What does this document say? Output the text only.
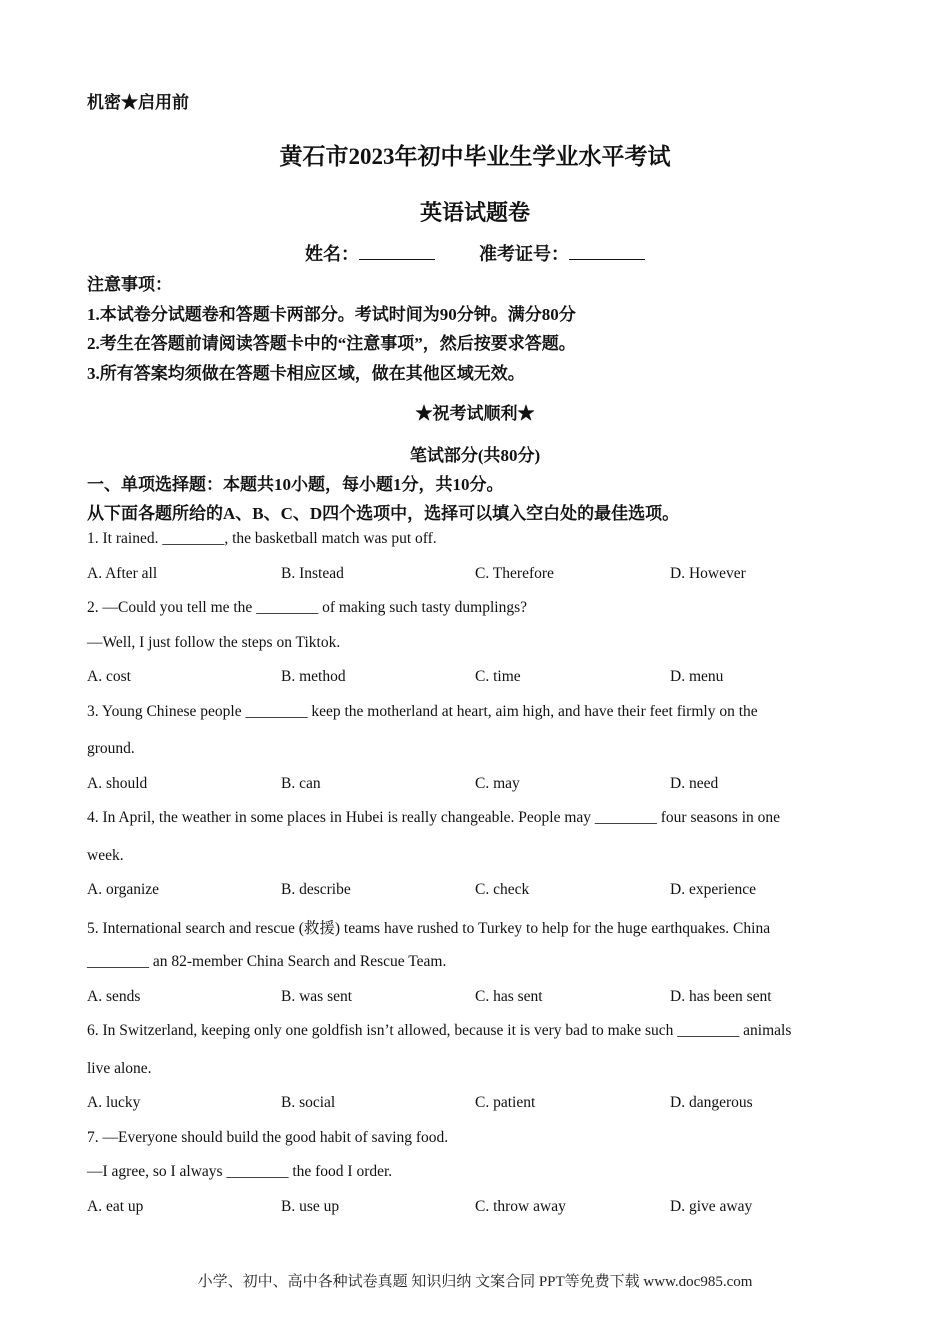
机密★启用前
黄石市2023年初中毕业生学业水平考试
英语试题卷
姓名：	准考证号：
注意事项：
1.本试卷分试题卷和答题卡两部分。考试时间为90分钟。满分80分
2.考生在答题前请阅读答题卡中的“注意事项”，然后按要求答题。
3.所有答案均须做在答题卡相应区域，做在其他区域无效。
★祝考试顺利★
笔试部分(共80分)
一、单项选择题：本题共10小题，每小题1分，共10分。
从下面各题所给的A、B、C、D四个选项中，选择可以填入空白处的最佳选项。
1. It rained. ________, the basketball match was put off.
A. After all	B. Instead	C. Therefore	D. However
2. —Could you tell me the ________ of making such tasty dumplings?
—Well, I just follow the steps on Tiktok.
A. cost	B. method	C. time	D. menu
3. Young Chinese people ________ keep the motherland at heart, aim high, and have their feet firmly on the
ground.
A. should	B. can	C. may	D. need
4. In April, the weather in some places in Hubei is really changeable. People may ________ four seasons in one
week.
A. organize	B. describe	C. check	D. experience
5. International search and rescue (救援) teams have rushed to Turkey to help for the huge earthquakes. China
________ an 82-member China Search and Rescue Team.
A. sends	B. was sent	C. has sent	D. has been sent
6. In Switzerland, keeping only one goldfish isn’t allowed, because it is very bad to make such ________ animals
live alone.
A. lucky	B. social	C. patient	D. dangerous
7. —Everyone should build the good habit of saving food.
—I agree, so I always ________ the food I order.
A. eat up	B. use up	C. throw away	D. give away
小学、初中、高中各种试卷真题 知识归纳 文案合同 PPT等免费下载 www.doc985.com
